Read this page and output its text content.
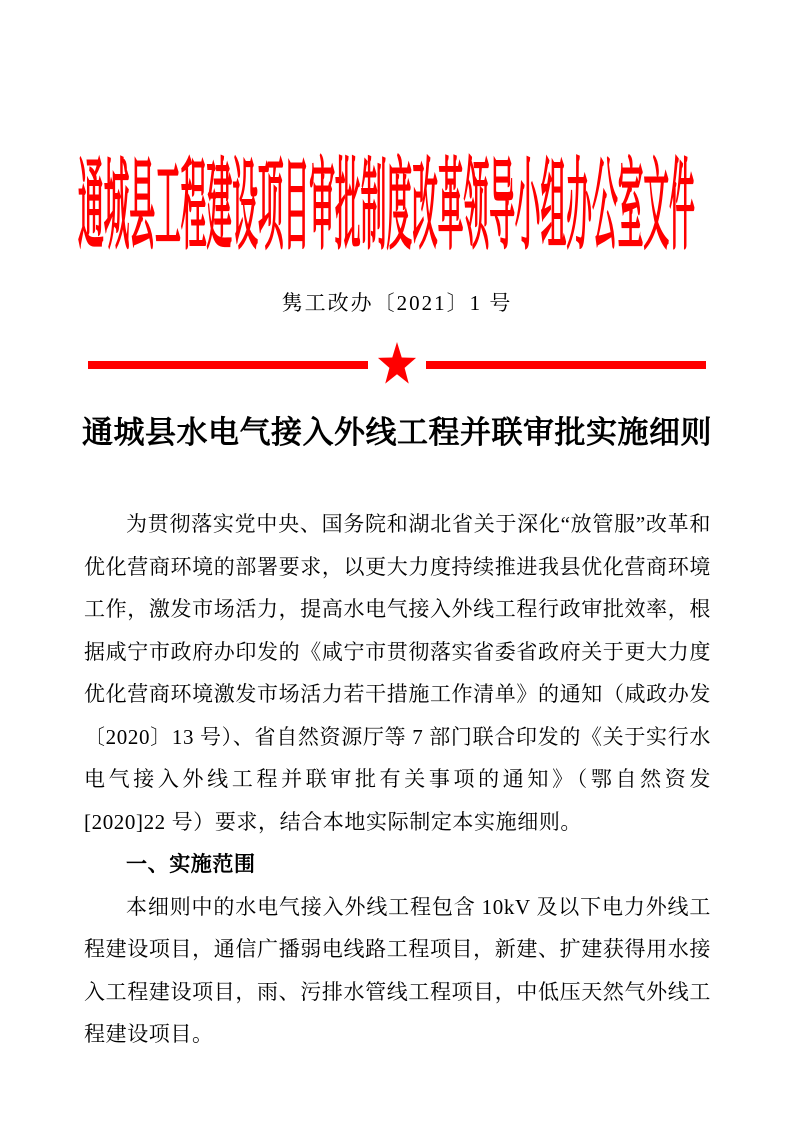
通城县工程建设项目审批制度改革领导小组办公室文件
隽工改办〔2021〕1 号
通城县水电气接入外线工程并联审批实施细则

为贯彻落实党中央、国务院和湖北省关于深化“放管服”改革和优化营商环境的部署要求，以更大力度持续推进我县优化营商环境工作，激发市场活力，提高水电气接入外线工程行政审批效率，根据咸宁市政府办印发的《咸宁市贯彻落实省委省政府关于更大力度优化营商环境激发市场活力若干措施工作清单》的通知（咸政办发〔2020〕13 号）、省自然资源厅等 7 部门联合印发的《关于实行水电气接入外线工程并联审批有关事项的通知》（鄂自然资发[2020]22 号）要求，结合本地实际制定本实施细则。

一、实施范围

本细则中的水电气接入外线工程包含 10kV 及以下电力外线工程建设项目，通信广播弱电线路工程项目，新建、扩建获得用水接入工程建设项目，雨、污排水管线工程项目，中低压天然气外线工程建设项目。
